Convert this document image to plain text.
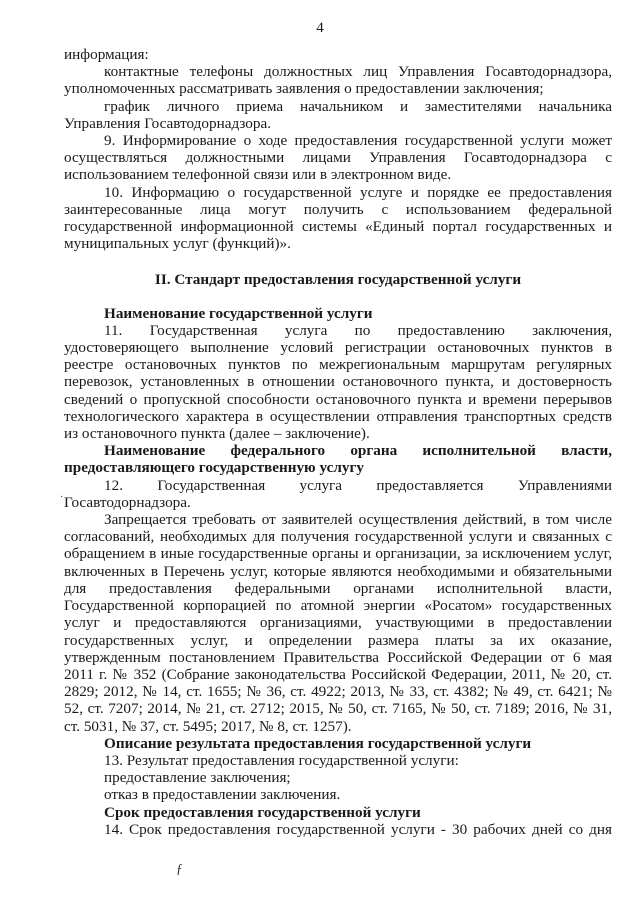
4

информация:

контактные телефоны должностных лиц Управления Госавтодорнадзора, уполномоченных рассматривать заявления о предоставлении заключения;

график личного приема начальником и заместителями начальника Управления Госавтодорнадзора.

9. Информирование о ходе предоставления государственной услуги может осуществляться должностными лицами Управления Госавтодорнадзора с использованием телефонной связи или в электронном виде.

10. Информацию о государственной услуге и порядке ее предоставления заинтересованные лица могут получить с использованием федеральной государственной информационной системы «Единый портал государственных и муниципальных услуг (функций)».

II. Стандарт предоставления государственной услуги

Наименование государственной услуги

11. Государственная услуга по предоставлению заключения, удостоверяющего выполнение условий регистрации остановочных пунктов в реестре остановочных пунктов по межрегиональным маршрутам регулярных перевозок, установленных в отношении остановочного пункта, и достоверность сведений о пропускной способности остановочного пункта и времени перерывов технологического характера в осуществлении отправления транспортных средств из остановочного пункта (далее – заключение).

Наименование федерального органа исполнительной власти, предоставляющего государственную услугу

12. Государственная услуга предоставляется Управлениями Госавтодорнадзора.

Запрещается требовать от заявителей осуществления действий, в том числе согласований, необходимых для получения государственной услуги и связанных с обращением в иные государственные органы и организации, за исключением услуг, включенных в Перечень услуг, которые являются необходимыми и обязательными для предоставления федеральными органами исполнительной власти, Государственной корпорацией по атомной энергии «Росатом» государственных услуг и предоставляются организациями, участвующими в предоставлении государственных услуг, и определении размера платы за их оказание, утвержденным постановлением Правительства Российской Федерации от 6 мая 2011 г. № 352 (Собрание законодательства Российской Федерации, 2011, № 20, ст. 2829; 2012, № 14, ст. 1655; № 36, ст. 4922; 2013, № 33, ст. 4382; № 49, ст. 6421; № 52, ст. 7207; 2014, № 21, ст. 2712; 2015, № 50, ст. 7165, № 50, ст. 7189; 2016, № 31, ст. 5031, № 37, ст. 5495; 2017, № 8, ст. 1257).

Описание результата предоставления государственной услуги

13. Результат предоставления государственной услуги:

предоставление заключения;

отказ в предоставлении заключения.

Срок предоставления государственной услуги

14. Срок предоставления государственной услуги - 30 рабочих дней со дня

ƒ
·
